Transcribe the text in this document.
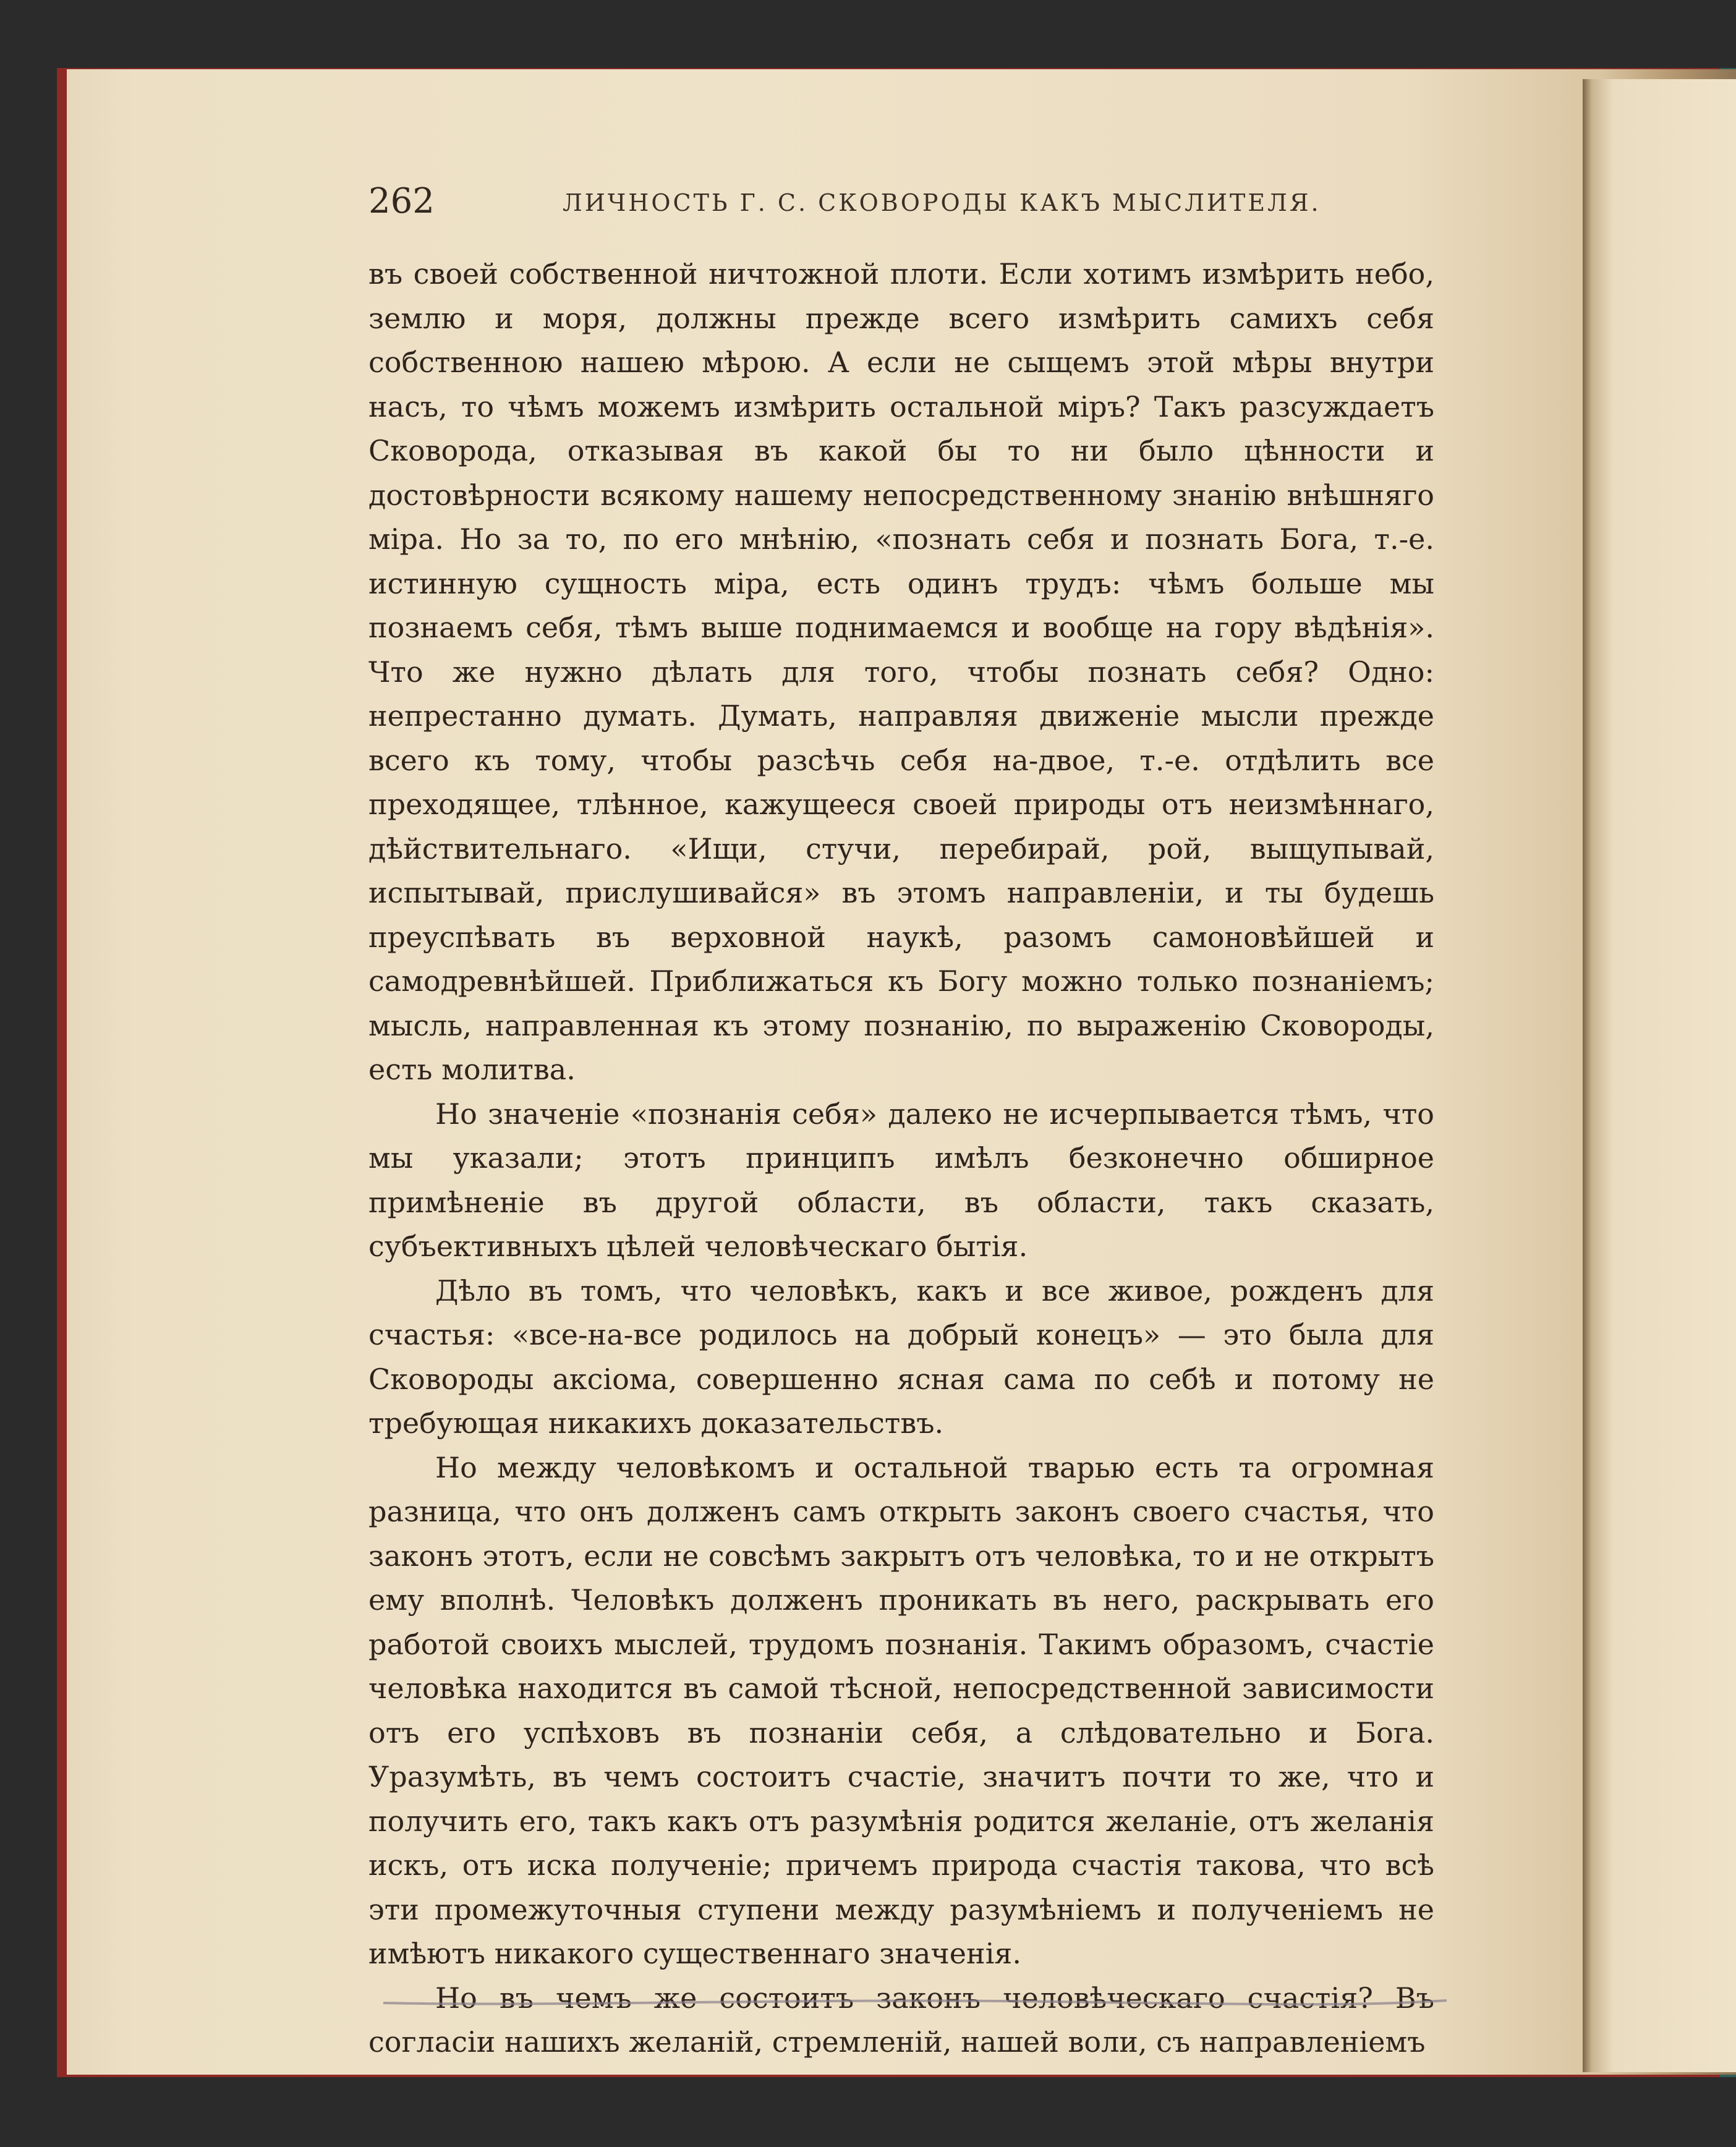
262	ЛИЧНОСТЬ Г. С. СКОВОРОДЫ КАКЪ МЫСЛИТЕЛЯ.

въ своей собственной ничтожной плоти. Если хотимъ измѣрить небо, землю и моря, должны прежде всего измѣрить самихъ себя собственною нашею мѣрою. А если не сыщемъ этой мѣры внутри насъ, то чѣмъ можемъ измѣрить остальной міръ? Такъ разсуждаетъ Сковорода, отказывая въ какой бы то ни было цѣнности и достовѣрности всякому нашему непосредственному знанію внѣшняго міра. Но за то, по его мнѣнію, «познать себя и познать Бога, т.-е. истинную сущность міра, есть одинъ трудъ: чѣмъ больше мы познаемъ себя, тѣмъ выше поднимаемся и вообще на гору вѣдѣнія». Что же нужно дѣлать для того, чтобы познать себя? Одно: непрестанно думать. Думать, направляя движеніе мысли прежде всего къ тому, чтобы разсѣчь себя на-двое, т.-е. отдѣлить все преходящее, тлѣнное, кажущееся своей природы отъ неизмѣннаго, дѣйствительнаго. «Ищи, стучи, перебирай, рой, выщупывай, испытывай, прислушивайся» въ этомъ направленіи, и ты будешь преуспѣвать въ верховной наукѣ, разомъ самоновѣйшей и самодревнѣйшей. Приближаться къ Богу можно только познаніемъ; мысль, направленная къ этому познанію, по выраженію Сковороды, есть молитва.

Но значеніе «познанія себя» далеко не исчерпывается тѣмъ, что мы указали; этотъ принципъ имѣлъ безконечно обширное примѣненіе въ другой области, въ области, такъ сказать, субъективныхъ цѣлей человѣческаго бытія.

Дѣло въ томъ, что человѣкъ, какъ и все живое, рожденъ для счастья: «все-на-все родилось на добрый конецъ» — это была для Сковороды аксіома, совершенно ясная сама по себѣ и потому не требующая никакихъ доказательствъ.

Но между человѣкомъ и остальной тварью есть та огромная разница, что онъ долженъ самъ открыть законъ своего счастья, что законъ этотъ, если не совсѣмъ закрытъ отъ человѣка, то и не открытъ ему вполнѣ. Человѣкъ долженъ проникать въ него, раскрывать его работой своихъ мыслей, трудомъ познанія. Такимъ образомъ, счастіе человѣка находится въ самой тѣсной, непосредственной зависимости отъ его успѣховъ въ познаніи себя, а слѣдовательно и Бога. Уразумѣть, въ чемъ состоитъ счастіе, значитъ почти то же, что и получить его, такъ какъ отъ разумѣнія родится желаніе, отъ желанія искъ, отъ иска полученіе; причемъ природа счастія такова, что всѣ эти промежуточныя ступени между разумѣніемъ и полученіемъ не имѣютъ никакого существеннаго значенія.

Но въ чемъ же состоитъ законъ человѣческаго счастія? Въ согласіи нашихъ желаній, стремленій, нашей воли, съ направленіемъ
